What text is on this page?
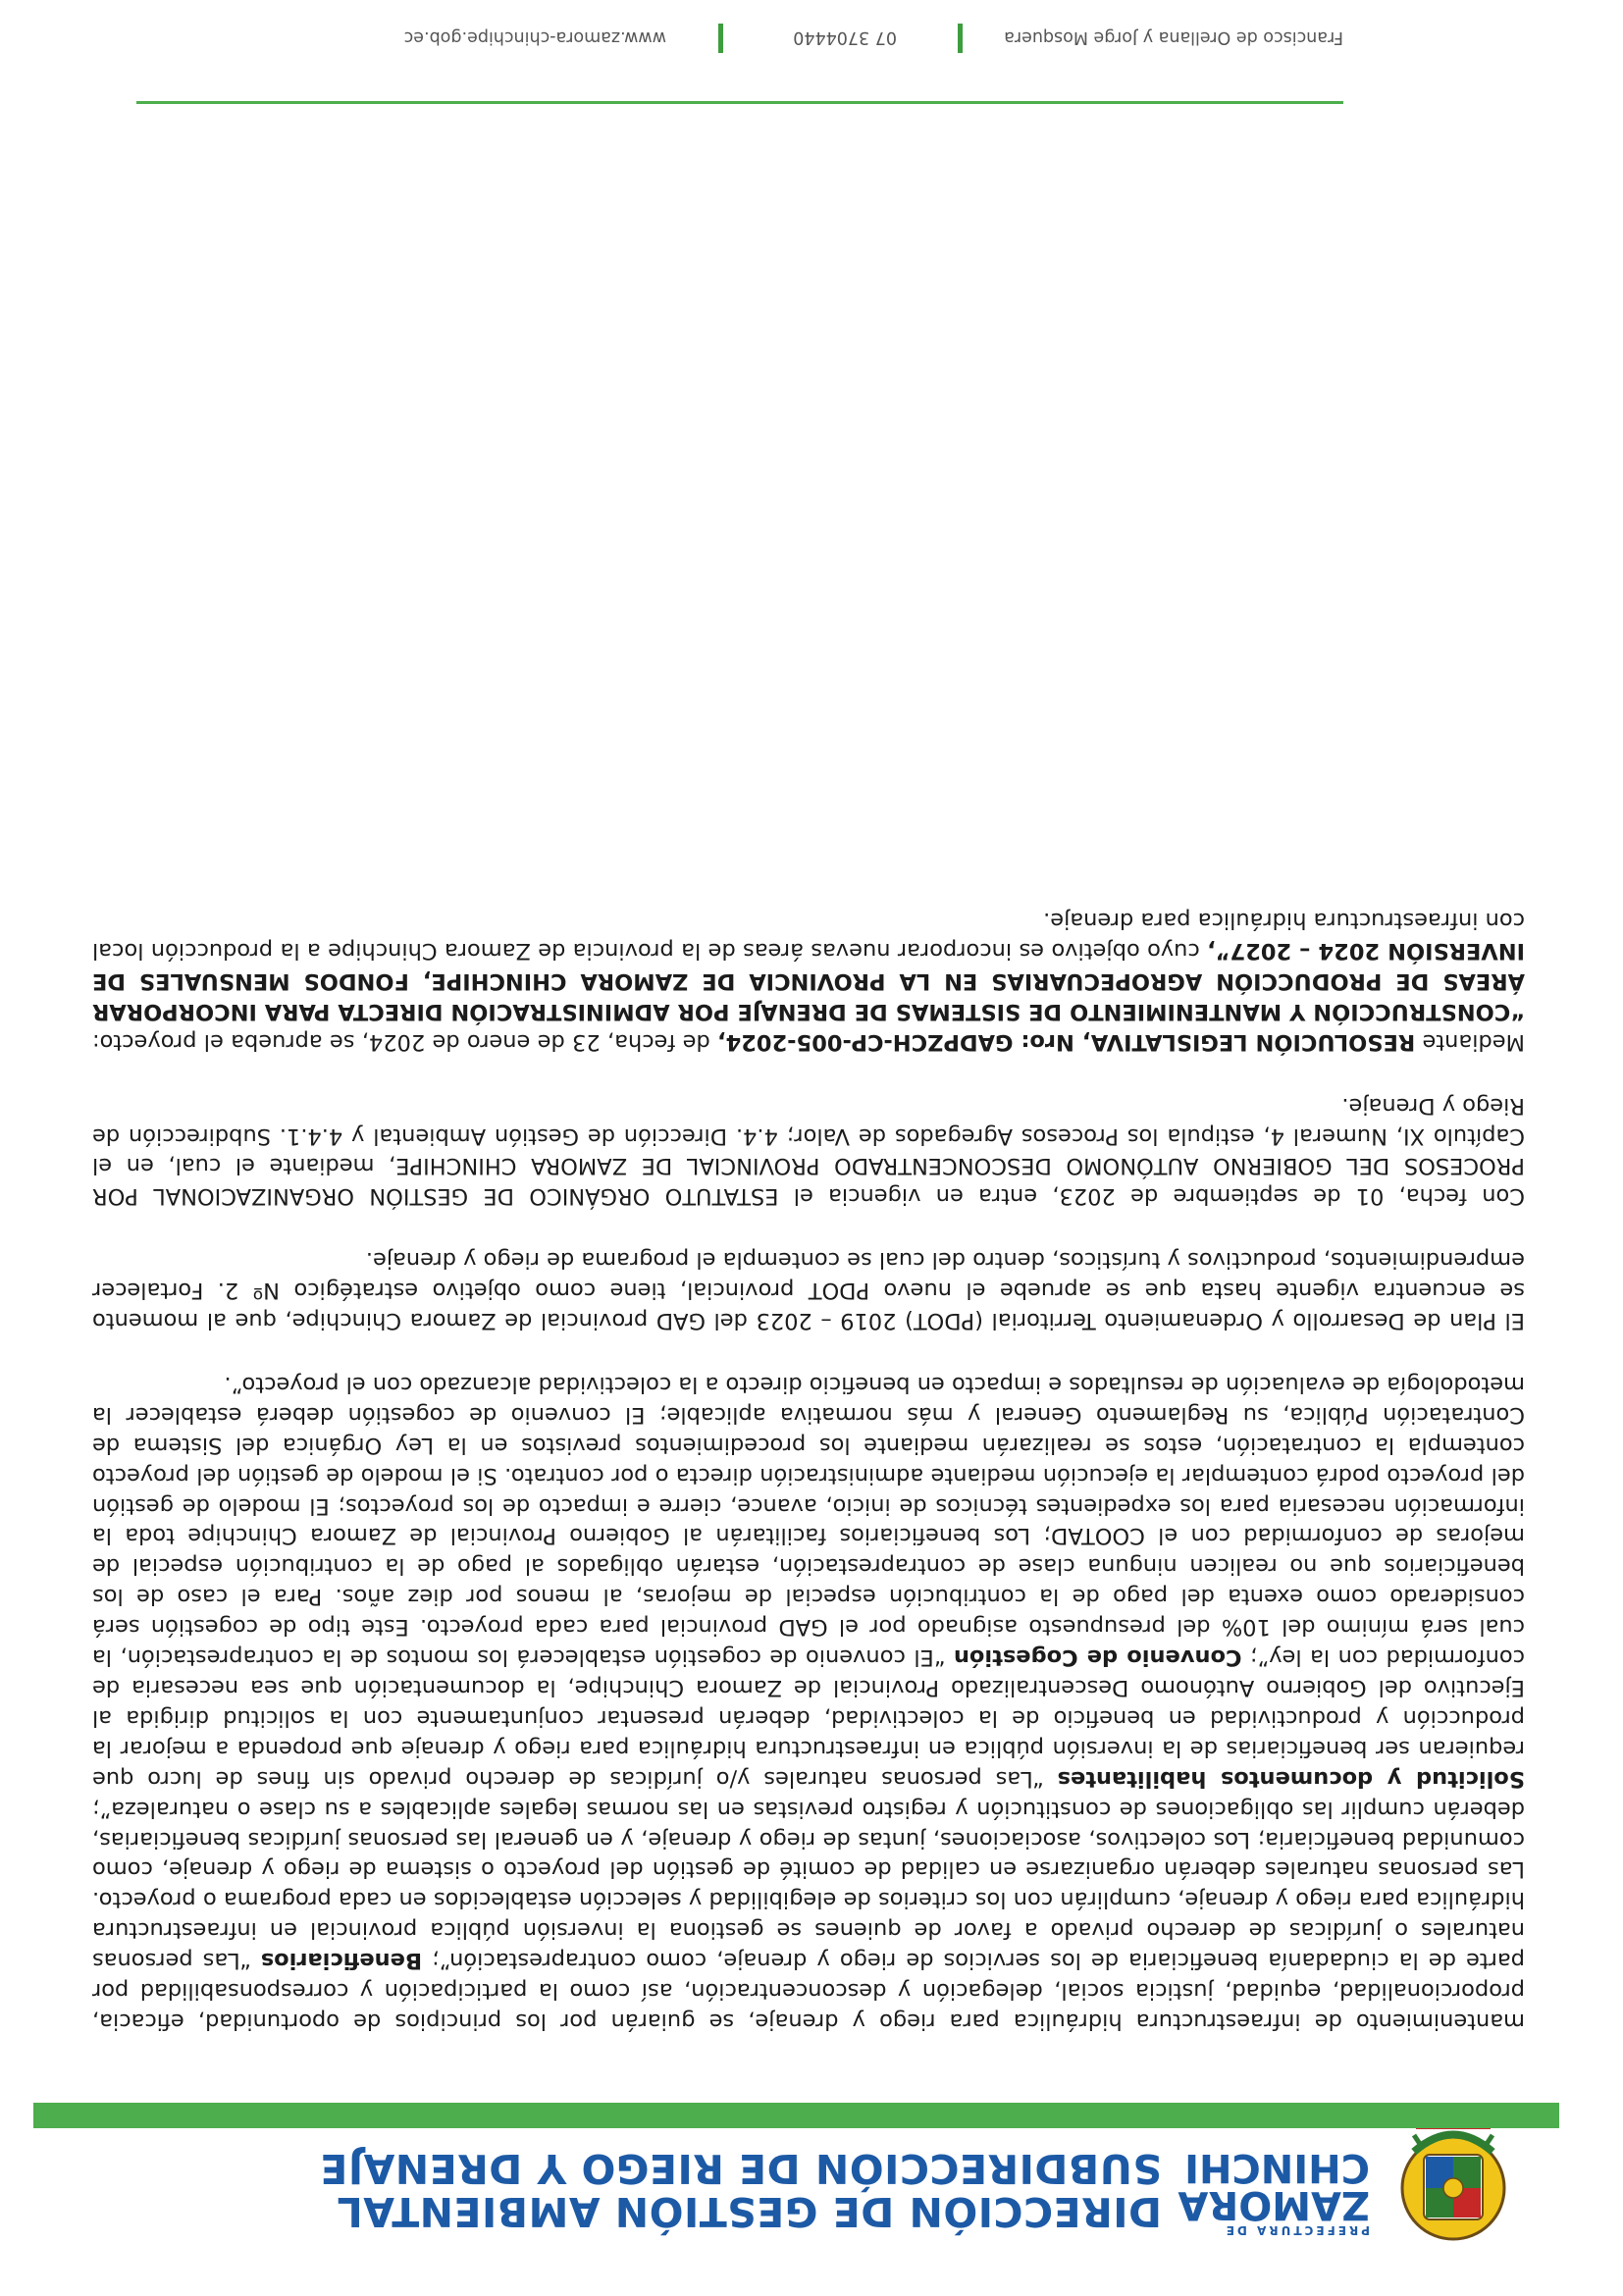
PREFECTURA DE
ZAMORA
CHINCHI
DIRECCIÓN DE GESTIÓN AMBIENTAL
SUBDIRECCIÓN DE RIEGO Y DRENAJE

mantenimiento de infraestructura hidráulica para riego y drenaje, se guiarán por los principios de oportunidad, eficacia, proporcionalidad, equidad, justicia social, delegación y desconcentración, así como la participación y corresponsabilidad por parte de la ciudadanía beneficiaria de los servicios de riego y drenaje, como contraprestación”; Beneficiarios “Las personas naturales o jurídicas de derecho privado a favor de quienes se gestiona la inversión pública provincial en infraestructura hidráulica para riego y drenaje, cumplirán con los criterios de elegibilidad y selección establecidos en cada programa o proyecto. Las personas naturales deberán organizarse en calidad de comité de gestión del proyecto o sistema de riego y drenaje, como comunidad beneficiaria; Los colectivos, asociaciones, juntas de riego y drenaje, y en general las personas jurídicas beneficiarias, deberán cumplir las obligaciones de constitución y registro previstas en las normas legales aplicables a su clase o naturaleza”; Solicitud y documentos habilitantes “Las personas naturales y/o jurídicas de derecho privado sin fines de lucro que requieran ser beneficiarias de la inversión pública en infraestructura hidráulica para riego y drenaje que propenda a mejorar la producción y productividad en beneficio de la colectividad, deberán presentar conjuntamente con la solicitud dirigida al Ejecutivo del Gobierno Autónomo Descentralizado Provincial de Zamora Chinchipe, la documentación que sea necesaria de conformidad con la ley”; Convenio de Cogestión “El convenio de cogestión establecerá los montos de la contraprestación, la cual será mínimo del 10% del presupuesto asignado por el GAD provincial para cada proyecto. Este tipo de cogestión será considerado como exenta del pago de la contribución especial de mejoras, al menos por diez años. Para el caso de los beneficiarios que no realicen ninguna clase de contraprestación, estarán obligados al pago de la contribución especial de mejoras de conformidad con el COOTAD; Los beneficiarios facilitarán al Gobierno Provincial de Zamora Chinchipe toda la información necesaria para los expedientes técnicos de inicio, avance, cierre e impacto de los proyectos; El modelo de gestión del proyecto podrá contemplar la ejecución mediante administración directa o por contrato. Si el modelo de gestión del proyecto contempla la contratación, estos se realizarán mediante los procedimientos previstos en la Ley Orgánica del Sistema de Contratación Pública, su Reglamento General y más normativa aplicable; El convenio de cogestión deberá establecer la metodología de evaluación de resultados e impacto en beneficio directo a la colectividad alcanzado con el proyecto”.

El Plan de Desarrollo y Ordenamiento Territorial (PDOT) 2019 – 2023 del GAD provincial de Zamora Chinchipe, que al momento se encuentra vigente hasta que se apruebe el nuevo PDOT provincial, tiene como objetivo estratégico Nº 2. Fortalecer emprendimientos, productivos y turísticos, dentro del cual se contempla el programa de riego y drenaje.

Con fecha, 01 de septiembre de 2023, entra en vigencia el ESTATUTO ORGÁNICO DE GESTIÓN ORGANIZACIONAL POR PROCESOS DEL GOBIERNO AUTÓNOMO DESCONCENTRADO PROVINCIAL DE ZAMORA CHINCHIPE, mediante el cual, en el Capítulo XI, Numeral 4, estipula los Procesos Agregados de Valor; 4.4. Dirección de Gestión Ambiental y 4.4.1. Subdirección de Riego y Drenaje.

Mediante RESOLUCIÓN LEGISLATIVA, Nro: GADPZCH-CP-005-2024, de fecha, 23 de enero de 2024, se aprueba el proyecto: “CONSTRUCCIÓN Y MANTENIMIENTO DE SISTEMAS DE DRENAJE POR ADMINISTRACIÓN DIRECTA PARA INCORPORAR ÁREAS DE PRODUCCIÓN AGROPECUARIAS EN LA PROVINCIA DE ZAMORA CHINCHIPE, FONDOS MENSUALES DE INVERSIÓN 2024 – 2027”, cuyo objetivo es incorporar nuevas áreas de la provincia de Zamora Chinchipe a la producción local con infraestructura hidráulica para drenaje.

Francisco de Orellana y Jorge Mosquera
07 3704440
www.zamora-chinchipe.gob.ec
